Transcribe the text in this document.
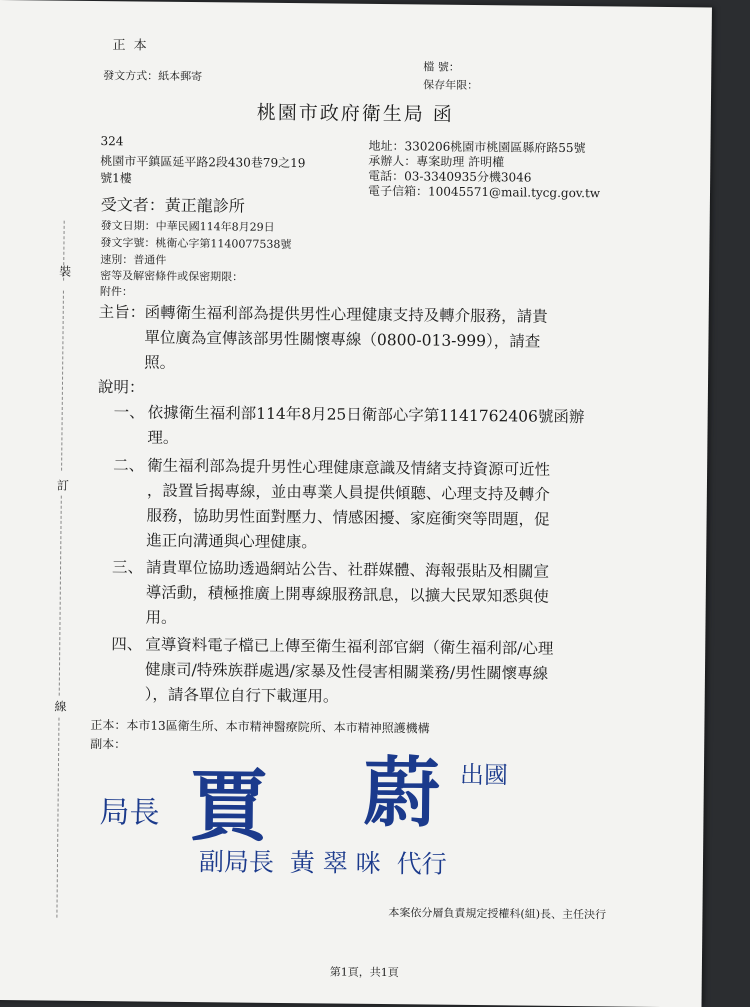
正 本
發文方式：紙本郵寄
檔 號：
保存年限：
桃園市政府衛生局 函
324
桃園市平鎮區延平路2段430巷79之19
號1樓
地址：330206桃園市桃園區縣府路55號
承辦人：專案助理 許明權
電話：03-3340935分機3046
電子信箱：10045571@mail.tycg.gov.tw
受文者：黃正龍診所
發文日期：中華民國114年8月29日
發文字號：桃衛心字第1140077538號
速別：普通件
密等及解密條件或保密期限：
附件：
裝
訂
線
主旨： 函轉衛生福利部為提供男性心理健康支持及轉介服務，請貴
單位廣為宣傳該部男性關懷專線（0800-013-999），請查
照。
說明：
一、 依據衛生福利部114年8月25日衛部心字第1141762406號函辦
理。
二、 衛生福利部為提升男性心理健康意識及情緒支持資源可近性
，設置旨揭專線，並由專業人員提供傾聽、心理支持及轉介
服務，協助男性面對壓力、情感困擾、家庭衝突等問題，促
進正向溝通與心理健康。
三、 請貴單位協助透過網站公告、社群媒體、海報張貼及相關宣
導活動，積極推廣上開專線服務訊息，以擴大民眾知悉與使
用。
四、 宣導資料電子檔已上傳至衛生福利部官網（衛生福利部/心理
健康司/特殊族群處遇/家暴及性侵害相關業務/男性關懷專線
），請各單位自行下載運用。
正本：本市13區衛生所、本市精神醫療院所、本市精神照護機構
副本：
局長 賈 蔚 出國
副局長  黃 翠 咪  代行
本案依分層負責規定授權科(組)長、主任決行
第1頁，共1頁
